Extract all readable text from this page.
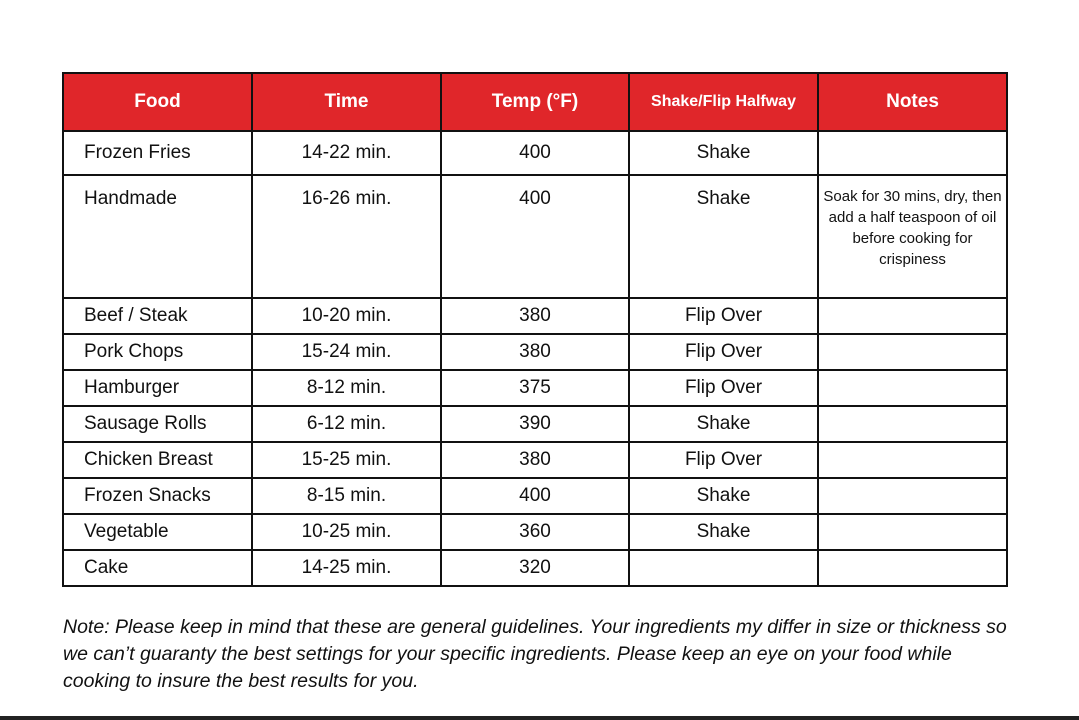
Food	Time	Temp (°F)	Shake/Flip Halfway	Notes
Frozen Fries	14-22 min.	400	Shake	
Handmade	16-26 min.	400	Shake	Soak for 30 mins, dry, then add a half teaspoon of oil before cooking for crispiness
Beef / Steak	10-20 min.	380	Flip Over	
Pork Chops	15-24 min.	380	Flip Over	
Hamburger	8-12 min.	375	Flip Over	
Sausage Rolls	6-12 min.	390	Shake	
Chicken Breast	15-25 min.	380	Flip Over	
Frozen Snacks	8-15 min.	400	Shake	
Vegetable	10-25 min.	360	Shake	
Cake	14-25 min.	320		

Note: Please keep in mind that these are general guidelines. Your ingredients my differ in size or thickness so we can’t guaranty the best settings for your specific ingredients. Please keep an eye on your food while cooking to insure the best results for you.
